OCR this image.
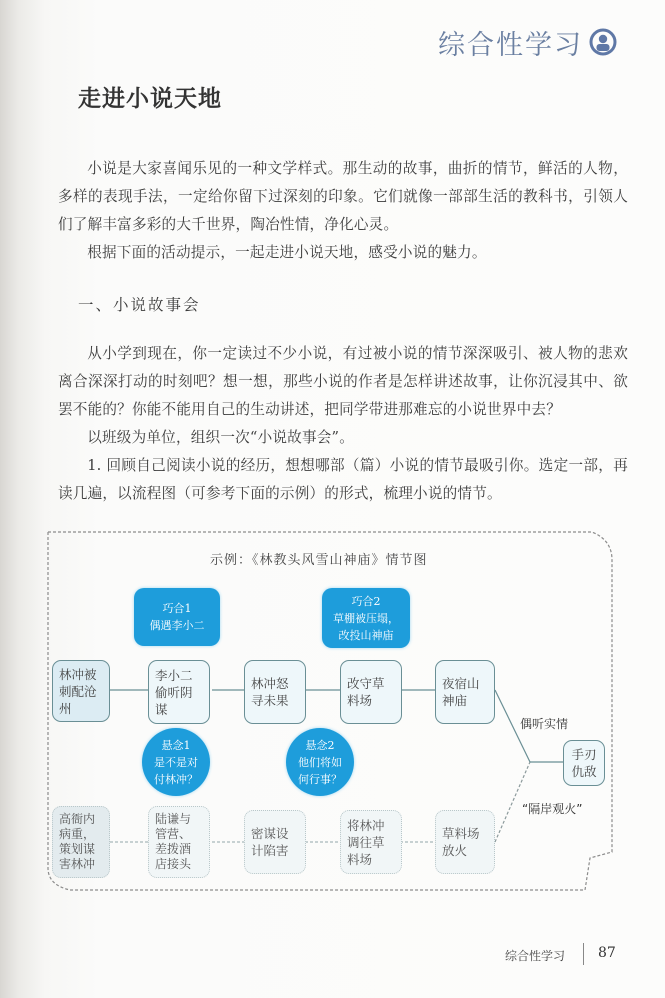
综合性学习
走进小说天地

小说是大家喜闻乐见的一种文学样式。那生动的故事，曲折的情节，鲜活的人物，多样的表现手法，一定给你留下过深刻的印象。它们就像一部部生活的教科书，引领人们了解丰富多彩的大千世界，陶冶性情，净化心灵。

根据下面的活动提示，一起走进小说天地，感受小说的魅力。

一、小说故事会

从小学到现在，你一定读过不少小说，有过被小说的情节深深吸引、被人物的悲欢离合深深打动的时刻吧？想一想，那些小说的作者是怎样讲述故事，让你沉浸其中、欲罢不能的？你能不能用自己的生动讲述，把同学带进那难忘的小说世界中去？

以班级为单位，组织一次“小说故事会”。

1. 回顾自己阅读小说的经历，想想哪部（篇）小说的情节最吸引你。选定一部，再读几遍，以流程图（可参考下面的示例）的形式，梳理小说的情节。

示例：《林教头风雪山神庙》情节图
巧合1
偶遇李小二
巧合2
草棚被压塌，
改投山神庙
林冲被
刺配沧
州
李小二
偷听阴
谋
林冲怒
寻未果
改守草
料场
夜宿山
神庙
悬念1
是不是对
付林冲？
悬念2
他们将如
何行事？
偶听实情
“隔岸观火”
手刃
仇敌
高衙内
病重，
策划谋
害林冲
陆谦与
管营、
差拨酒
店接头
密谋设
计陷害
将林冲
调往草
料场
草料场
放火
综合性学习 87
